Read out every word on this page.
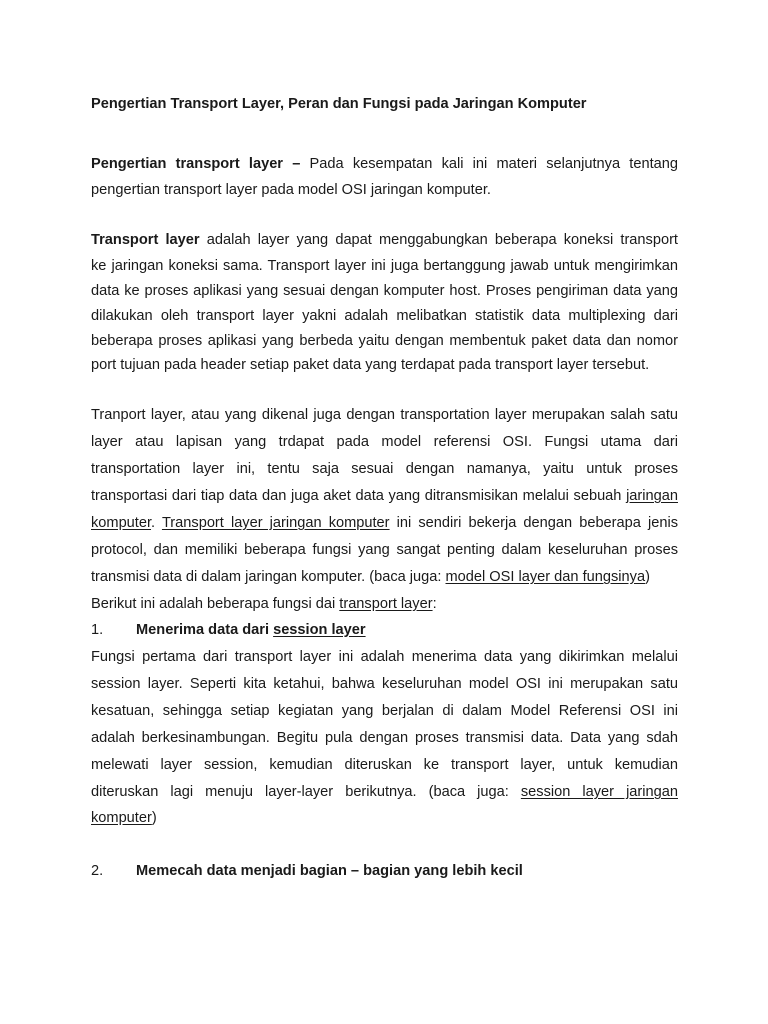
Pengertian Transport Layer, Peran dan Fungsi pada Jaringan Komputer
Pengertian transport layer – Pada kesempatan kali ini materi selanjutnya tentang
pengertian transport layer pada model OSI jaringan komputer.
Transport layer adalah layer yang dapat menggabungkan beberapa koneksi transport
ke jaringan koneksi sama. Transport layer ini juga bertanggung jawab untuk mengirimkan
data ke proses aplikasi yang sesuai dengan komputer host. Proses pengiriman data yang
dilakukan oleh transport layer yakni adalah melibatkan statistik data multiplexing dari
beberapa proses aplikasi yang berbeda yaitu dengan membentuk paket data dan nomor
port tujuan pada header setiap paket data yang terdapat pada transport layer tersebut.
Tranport layer, atau yang dikenal juga dengan transportation layer merupakan salah satu
layer atau lapisan yang trdapat pada model referensi OSI. Fungsi utama dari
transportation layer ini, tentu saja sesuai dengan namanya, yaitu untuk proses
transportasi dari tiap data dan juga aket data yang ditransmisikan melalui sebuah jaringan
komputer. Transport layer jaringan komputer ini sendiri bekerja dengan beberapa jenis
protocol, dan memiliki beberapa fungsi yang sangat penting dalam keseluruhan proses
transmisi data di dalam jaringan komputer. (baca juga: model OSI layer dan fungsinya)
Berikut ini adalah beberapa fungsi dai transport layer:
1. Menerima data dari session layer
Fungsi pertama dari transport layer ini adalah menerima data yang dikirimkan melalui
session layer. Seperti kita ketahui, bahwa keseluruhan model OSI ini merupakan satu
kesatuan, sehingga setiap kegiatan yang berjalan di dalam Model Referensi OSI ini
adalah berkesinambungan. Begitu pula dengan proses transmisi data. Data yang sdah
melewati layer session, kemudian diteruskan ke transport layer, untuk kemudian
diteruskan lagi menuju layer-layer berikutnya. (baca juga: session layer jaringan
komputer)
2. Memecah data menjadi bagian – bagian yang lebih kecil
